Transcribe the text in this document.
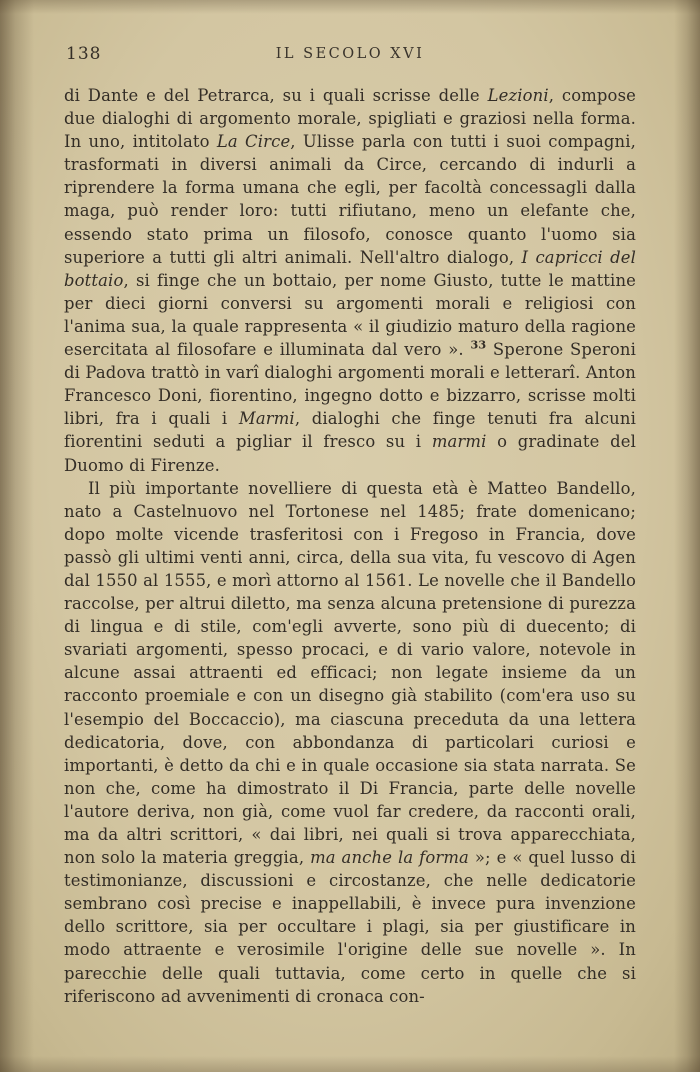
138	IL SECOLO XVI

di Dante e del Petrarca, su i quali scrisse delle Lezioni, compose due dialoghi di argomento morale, spigliati e graziosi nella forma. In uno, intitolato La Circe, Ulisse parla con tutti i suoi compagni, trasformati in diversi animali da Circe, cercando di indurli a riprendere la forma umana che egli, per facoltà concessagli dalla maga, può render loro: tutti rifiutano, meno un elefante che, essendo stato prima un filosofo, conosce quanto l'uomo sia superiore a tutti gli altri animali. Nell'altro dialogo, I capricci del bottaio, si finge che un bottaio, per nome Giusto, tutte le mattine per dieci giorni conversi su argomenti morali e religiosi con l'anima sua, la quale rappresenta « il giudizio maturo della ragione esercitata al filosofare e illuminata dal vero ». $^{33}$ Sperone Speroni di Padova trattò in varî dialoghi argomenti morali e letterarî. Anton Francesco Doni, fiorentino, ingegno dotto e bizzarro, scrisse molti libri, fra i quali i Marmi, dialoghi che finge tenuti fra alcuni fiorentini seduti a pigliar il fresco su i marmi o gradinate del Duomo di Firenze.

Il più importante novelliere di questa età è Matteo Bandello, nato a Castelnuovo nel Tortonese nel 1485; frate domenicano; dopo molte vicende trasferitosi con i Fregoso in Francia, dove passò gli ultimi venti anni, circa, della sua vita, fu vescovo di Agen dal 1550 al 1555, e morì attorno al 1561. Le novelle che il Bandello raccolse, per altrui diletto, ma senza alcuna pretensione di purezza di lingua e di stile, com'egli avverte, sono più di duecento; di svariati argomenti, spesso procaci, e di vario valore, notevole in alcune assai attraenti ed efficaci; non legate insieme da un racconto proemiale e con un disegno già stabilito (com'era uso su l'esempio del Boccaccio), ma ciascuna preceduta da una lettera dedicatoria, dove, con abbondanza di particolari curiosi e importanti, è detto da chi e in quale occasione sia stata narrata. Se non che, come ha dimostrato il Di Francia, parte delle novelle l'autore deriva, non già, come vuol far credere, da racconti orali, ma da altri scrittori, « dai libri, nei quali si trova apparecchiata, non solo la materia greggia, ma anche la forma »; e « quel lusso di testimonianze, discussioni e circostanze, che nelle dedicatorie sembrano così precise e inappellabili, è invece pura invenzione dello scrittore, sia per occultare i plagi, sia per giustificare in modo attraente e verosimile l'origine delle sue novelle ». In parecchie delle quali tuttavia, come certo in quelle che si riferiscono ad avvenimenti di cronaca con-
